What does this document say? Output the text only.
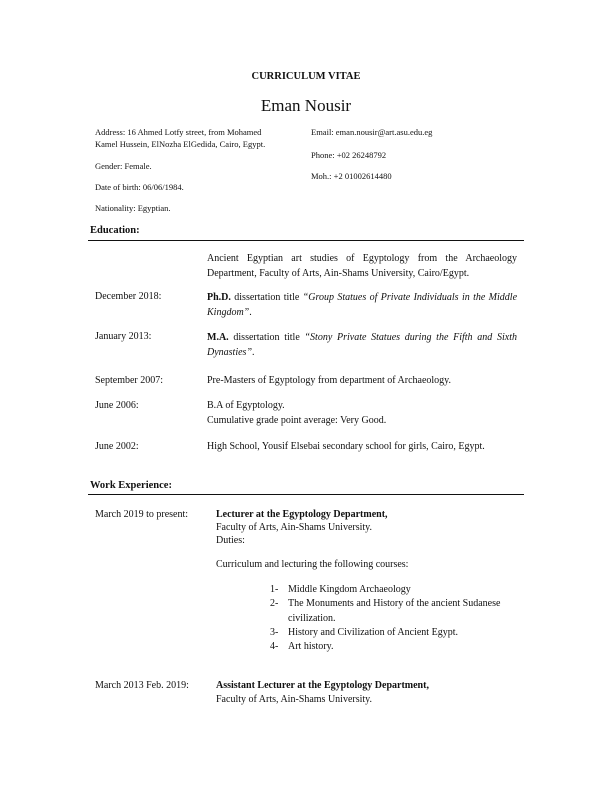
CURRICULUM VITAE
Eman Nousir
Address: 16 Ahmed Lotfy street, from Mohamed
Kamel Hussein, ElNozha ElGedida, Cairo, Egypt.
Gender: Female.
Date of birth: 06/06/1984.
Nationality: Egyptian.
Email: eman.nousir@art.asu.edu.eg
Phone: +02 26248792
Moh.: +2 01002614480
Education:
Ancient Egyptian art studies of Egyptology from the Archaeology Department, Faculty of Arts, Ain-Shams University, Cairo/Egypt.
December 2018:	Ph.D. dissertation title “Group Statues of Private Individuals in the Middle Kingdom”.
January 2013:	M.A. dissertation title “Stony Private Statues during the Fifth and Sixth Dynasties”.
September 2007:	Pre-Masters of Egyptology from department of Archaeology.
June 2006:	B.A of Egyptology.
Cumulative grade point average: Very Good.
June 2002:	High School, Yousif Elsebai secondary school for girls, Cairo, Egypt.
Work Experience:
March 2019 to present:	Lecturer at the Egyptology Department,
Faculty of Arts, Ain-Shams University.
Duties:
Curriculum and lecturing the following courses:
1- Middle Kingdom Archaeology
2- The Monuments and History of the ancient Sudanese
civilization.
3- History and Civilization of Ancient Egypt.
4- Art history.
March 2013 Feb. 2019:	Assistant Lecturer at the Egyptology Department,
Faculty of Arts, Ain-Shams University.
